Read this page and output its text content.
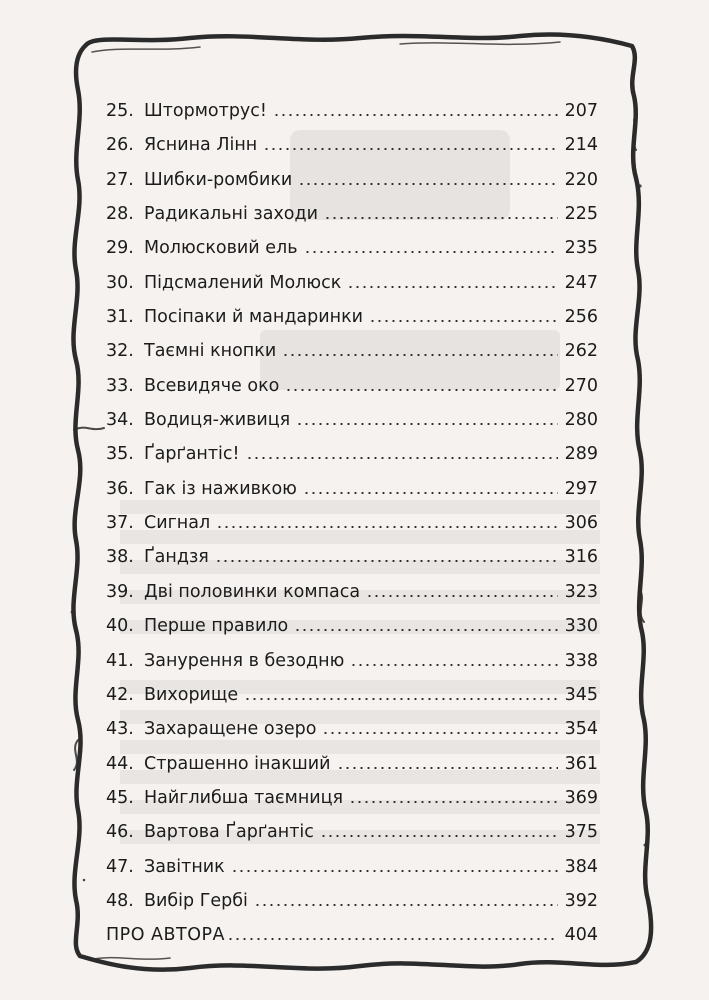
25. Штормотрус!	207
26. Яснина Лінн	214
27. Шибки-ромбики	220
28. Радикальні заходи	225
29. Молюсковий ель	235
30. Підсмалений Молюск	247
31. Посіпаки й мандаринки	256
32. Таємні кнопки	262
33. Всевидяче око	270
34. Водиця-живиця	280
35. Ґарґантіс!	289
36. Гак із наживкою	297
37. Сигнал	306
38. Ґандзя	316
39. Дві половинки компаса	323
40. Перше правило	330
41. Занурення в безодню	338
42. Вихорище	345
43. Захаращене озеро	354
44. Страшенно інакший	361
45. Найглибша таємниця	369
46. Вартова Ґарґантіс	375
47. Завітник	384
48. Вибір Гербі	392
ПРО АВТОРА	404
